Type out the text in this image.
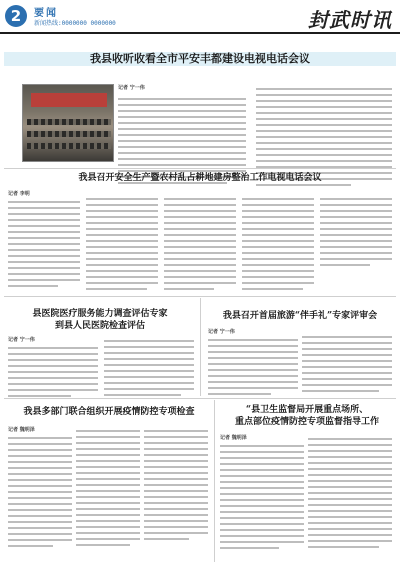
2	要闻
新闻热线:0000000 0000000	封武时讯
我县收听收看全市平安丰都建设电视电话会议
记者 宁一伟
我县召开安全生产暨农村乱占耕地建房整治工作电视电话会议
记者 李明
县医院医疗服务能力调查评估专家
到县人民医院检查评估
记者 宁一伟
我县召开首届旅游“伴手礼”专家评审会
记者 宁一伟
我县多部门联合组织开展疫情防控专项检查
记者 魏明泽
“县卫生监督局开展重点场所、
重点部位疫情防控专项监督指导工作
记者 魏明泽
